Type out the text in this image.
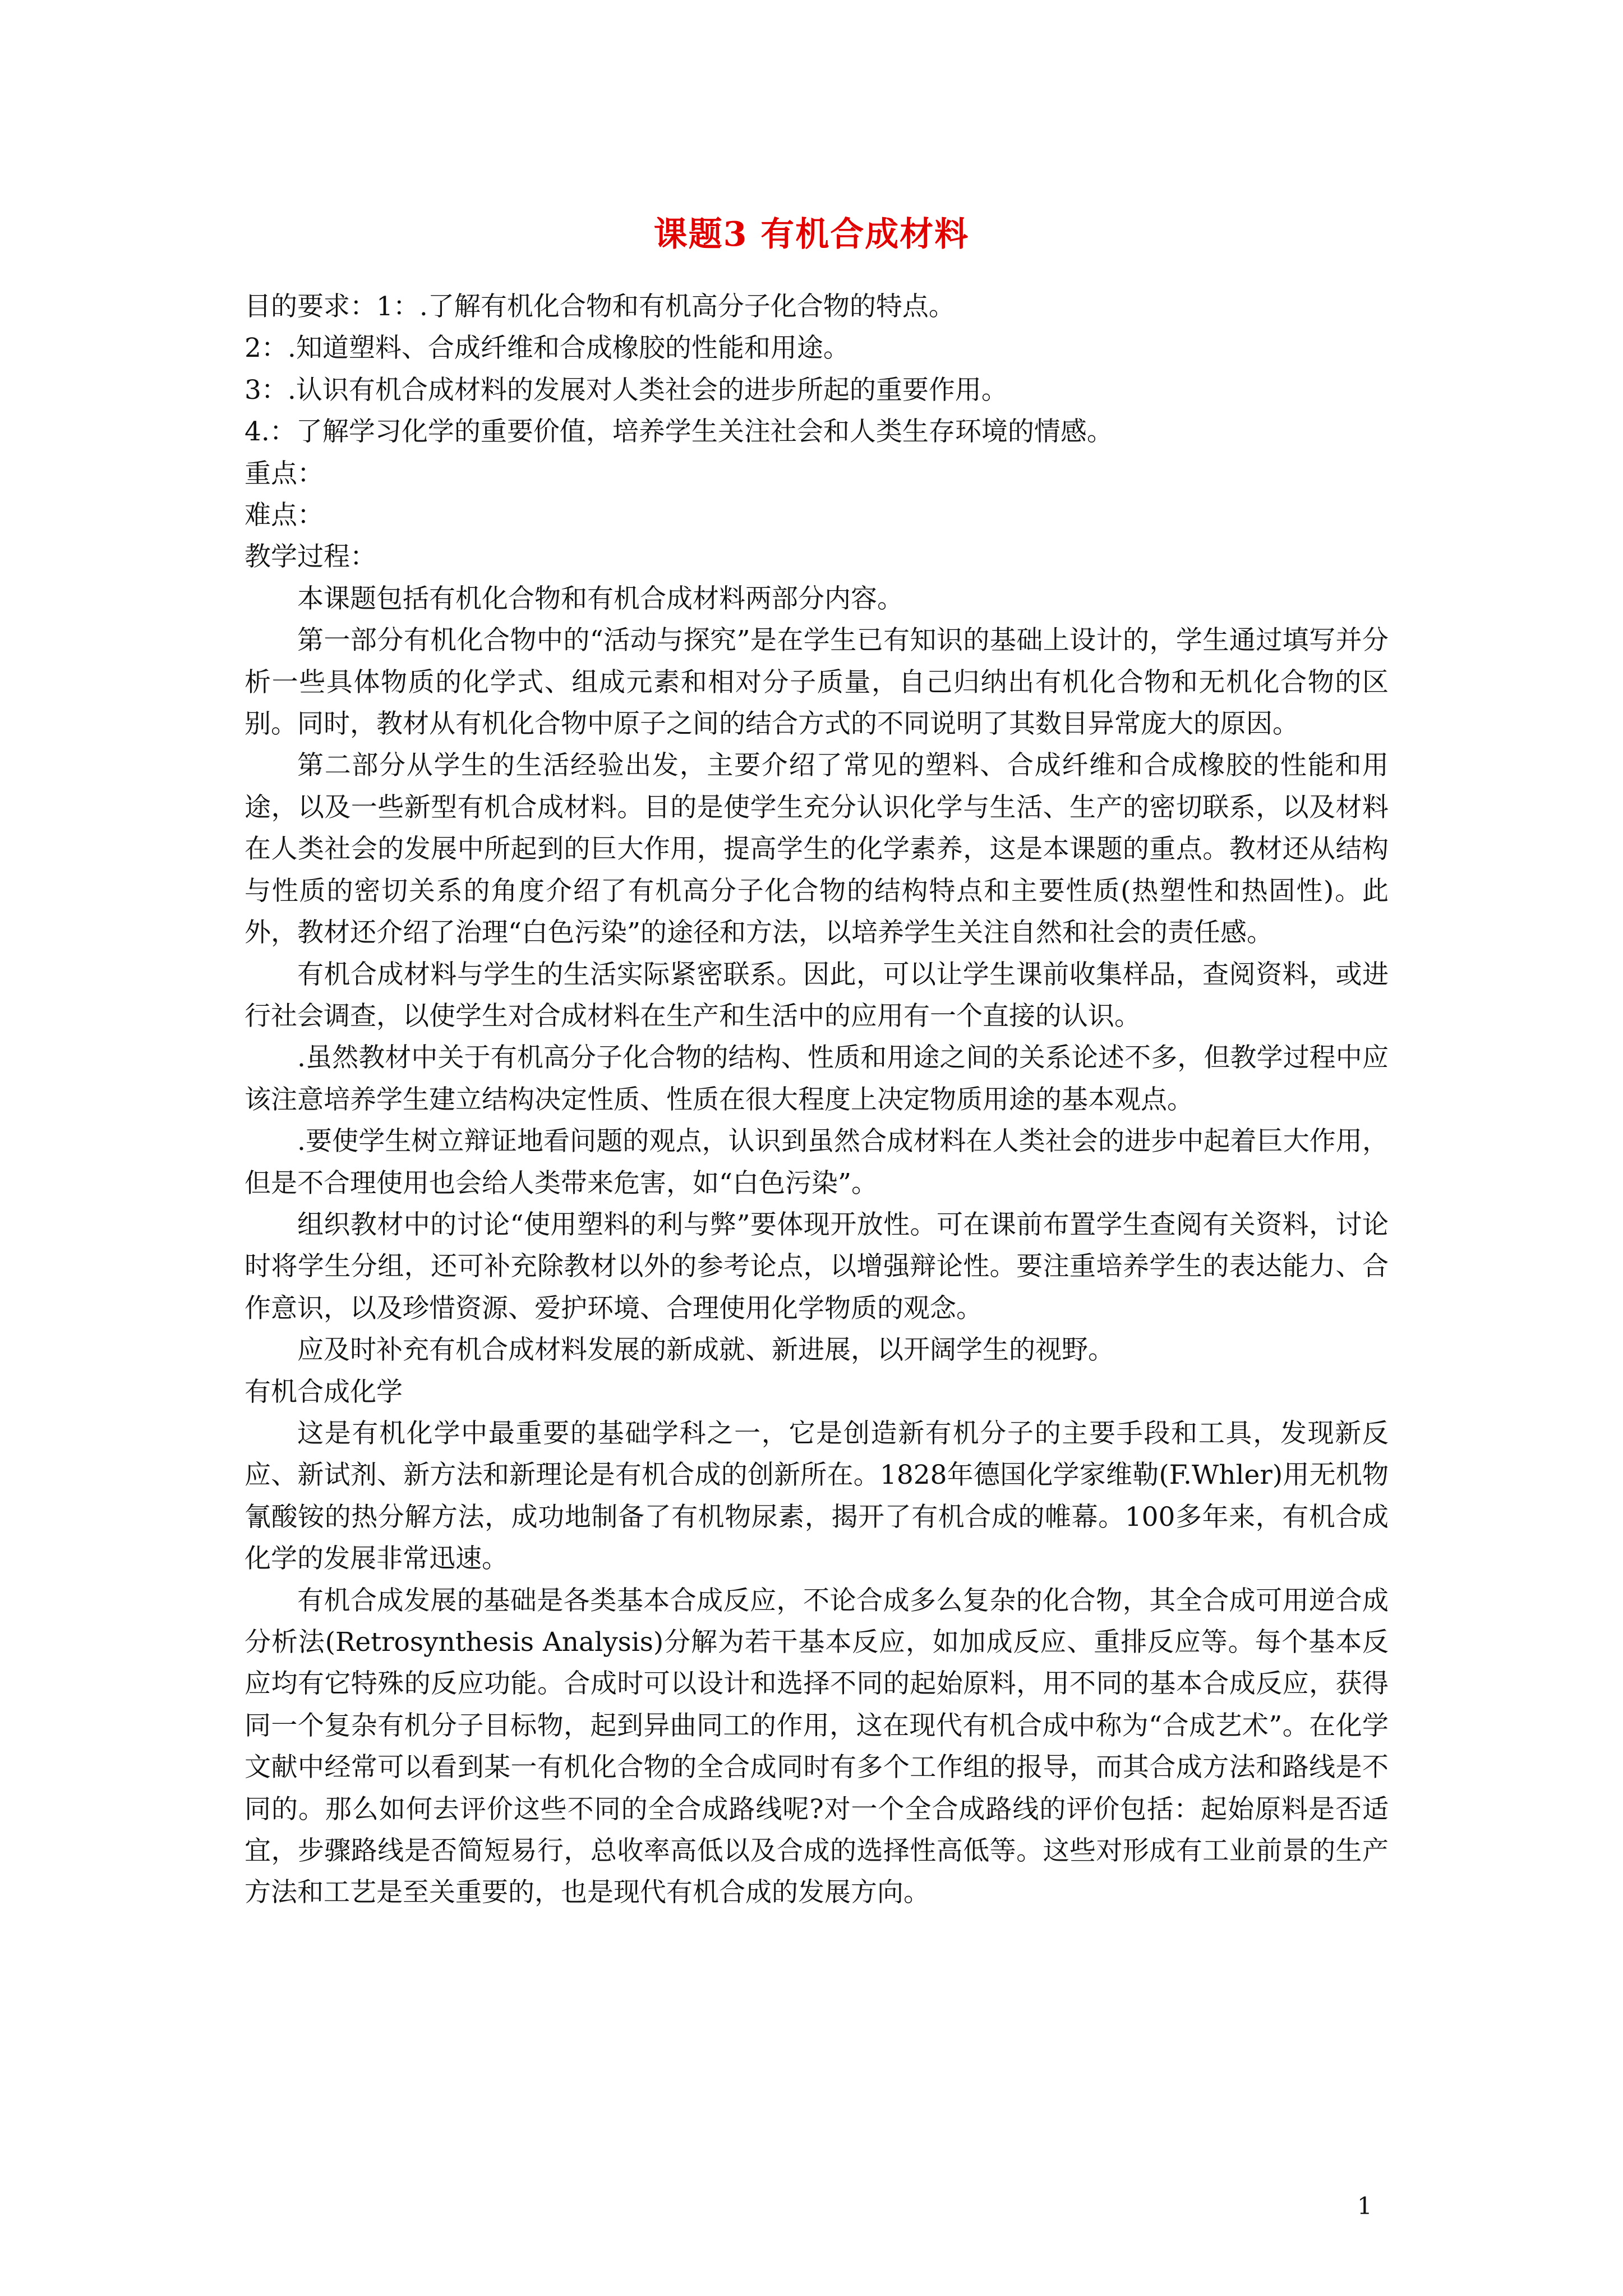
课题3 有机合成材料

目的要求：1：.了解有机化合物和有机高分子化合物的特点。

2：.知道塑料、合成纤维和合成橡胶的性能和用途。

3：.认识有机合成材料的发展对人类社会的进步所起的重要作用。

4.：了解学习化学的重要价值，培养学生关注社会和人类生存环境的情感。

重点：

难点：

教学过程：

本课题包括有机化合物和有机合成材料两部分内容。

第一部分有机化合物中的“活动与探究”是在学生已有知识的基础上设计的，学生通过填写并分析一些具体物质的化学式、组成元素和相对分子质量，自己归纳出有机化合物和无机化合物的区别。同时，教材从有机化合物中原子之间的结合方式的不同说明了其数目异常庞大的原因。

第二部分从学生的生活经验出发，主要介绍了常见的塑料、合成纤维和合成橡胶的性能和用途，以及一些新型有机合成材料。目的是使学生充分认识化学与生活、生产的密切联系，以及材料在人类社会的发展中所起到的巨大作用，提高学生的化学素养，这是本课题的重点。教材还从结构与性质的密切关系的角度介绍了有机高分子化合物的结构特点和主要性质(热塑性和热固性)。此外，教材还介绍了治理“白色污染”的途径和方法，以培养学生关注自然和社会的责任感。

有机合成材料与学生的生活实际紧密联系。因此，可以让学生课前收集样品，查阅资料，或进行社会调查，以使学生对合成材料在生产和生活中的应用有一个直接的认识。

.虽然教材中关于有机高分子化合物的结构、性质和用途之间的关系论述不多，但教学过程中应该注意培养学生建立结构决定性质、性质在很大程度上决定物质用途的基本观点。

.要使学生树立辩证地看问题的观点，认识到虽然合成材料在人类社会的进步中起着巨大作用，但是不合理使用也会给人类带来危害，如“白色污染”。

组织教材中的讨论“使用塑料的利与弊”要体现开放性。可在课前布置学生查阅有关资料，讨论时将学生分组，还可补充除教材以外的参考论点，以增强辩论性。要注重培养学生的表达能力、合作意识，以及珍惜资源、爱护环境、合理使用化学物质的观念。

应及时补充有机合成材料发展的新成就、新进展，以开阔学生的视野。

有机合成化学

这是有机化学中最重要的基础学科之一，它是创造新有机分子的主要手段和工具，发现新反应、新试剂、新方法和新理论是有机合成的创新所在。1828年德国化学家维勒(F.Whler)用无机物氰酸铵的热分解方法，成功地制备了有机物尿素，揭开了有机合成的帷幕。100多年来，有机合成化学的发展非常迅速。

有机合成发展的基础是各类基本合成反应，不论合成多么复杂的化合物，其全合成可用逆合成分析法(Retrosynthesis Analysis)分解为若干基本反应，如加成反应、重排反应等。每个基本反应均有它特殊的反应功能。合成时可以设计和选择不同的起始原料，用不同的基本合成反应，获得同一个复杂有机分子目标物，起到异曲同工的作用，这在现代有机合成中称为“合成艺术”。在化学文献中经常可以看到某一有机化合物的全合成同时有多个工作组的报导，而其合成方法和路线是不同的。那么如何去评价这些不同的全合成路线呢?对一个全合成路线的评价包括：起始原料是否适宜，步骤路线是否简短易行，总收率高低以及合成的选择性高低等。这些对形成有工业前景的生产方法和工艺是至关重要的，也是现代有机合成的发展方向。

1
